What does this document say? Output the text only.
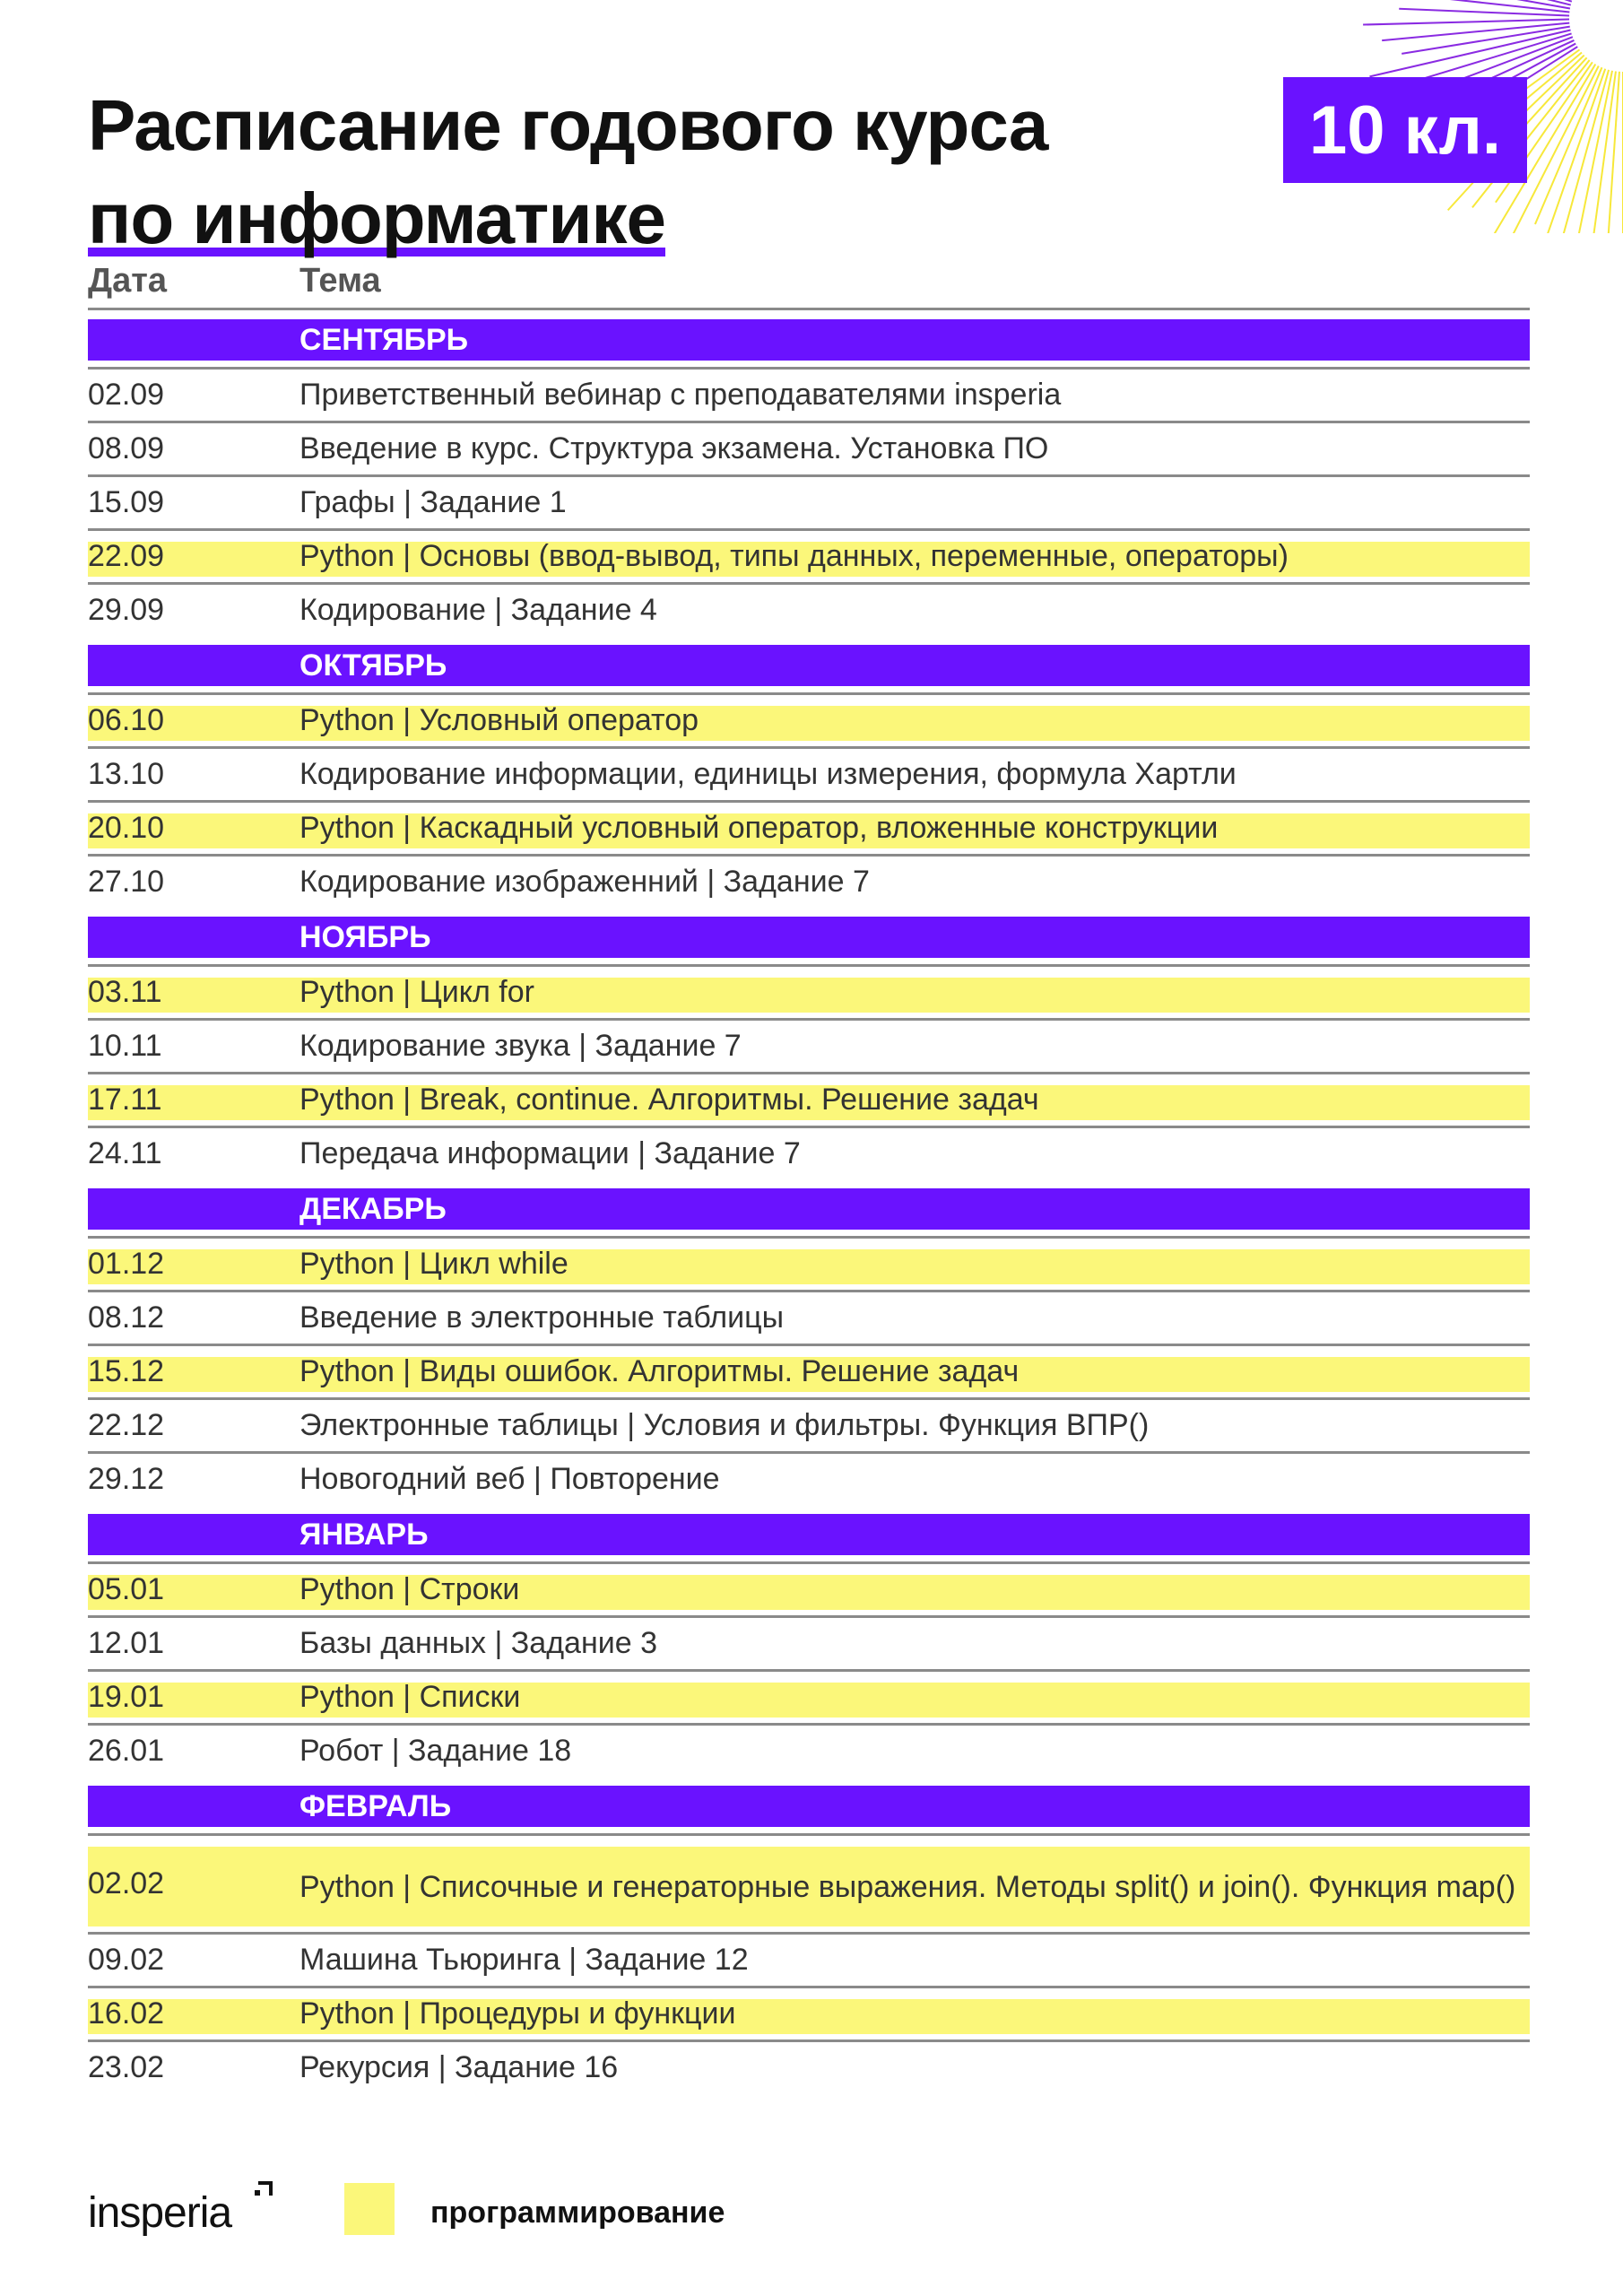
Расписание годового курса
по информатике
10 кл.
Дата	Тема
СЕНТЯБРЬ
02.09	Приветственный вебинар с преподавателями insperia
08.09	Введение в курс. Структура экзамена. Установка ПО
15.09	Графы | Задание 1
22.09	Python | Основы (ввод-вывод, типы данных, переменные, операторы)
29.09	Кодирование | Задание 4
ОКТЯБРЬ
06.10	Python | Условный оператор
13.10	Кодирование информации, единицы измерения, формула Хартли
20.10	Python | Каскадный условный оператор, вложенные конструкции
27.10	Кодирование изображенний | Задание 7
НОЯБРЬ
03.11	Python | Цикл for
10.11	Кодирование звука | Задание 7
17.11	Python | Break, continue. Алгоритмы. Решение задач
24.11	Передача информации | Задание 7
ДЕКАБРЬ
01.12	Python | Цикл while
08.12	Введение в электронные таблицы
15.12	Python | Виды ошибок. Алгоритмы. Решение задач
22.12	Электронные таблицы | Условия и фильтры. Функция ВПР()
29.12	Новогодний веб | Повторение
ЯНВАРЬ
05.01	Python | Строки
12.01	Базы данных | Задание 3
19.01	Python | Списки
26.01	Робот | Задание 18
ФЕВРАЛЬ
02.02	Python | Списочные и генераторные выражения. Методы split() и join(). Функция map()
09.02	Машина Тьюринга | Задание 12
16.02	Python | Процедуры и функции
23.02	Рекурсия | Задание 16
insperia	программирование
